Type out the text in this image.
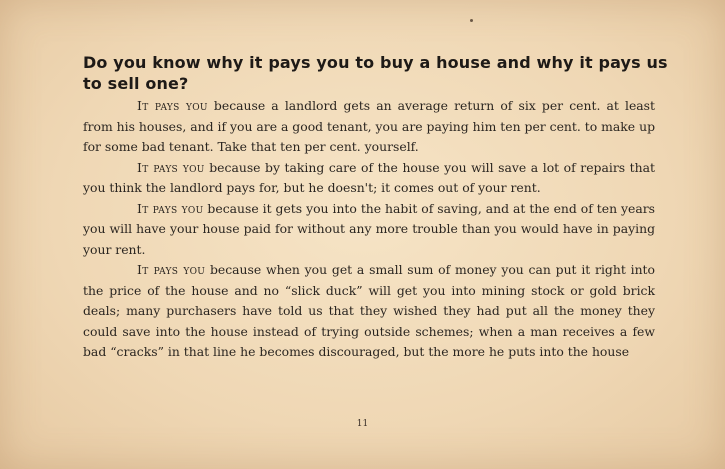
Do you know why it pays you to buy a house and why it pays us to sell one?

It pays you because a landlord gets an average return of six per cent. at least from his houses, and if you are a good tenant, you are paying him ten per cent. to make up for some bad tenant. Take that ten per cent. yourself.

It pays you because by taking care of the house you will save a lot of repairs that you think the landlord pays for, but he doesn't; it comes out of your rent.

It pays you because it gets you into the habit of saving, and at the end of ten years you will have your house paid for without any more trouble than you would have in paying your rent.

It pays you because when you get a small sum of money you can put it right into the price of the house and no “slick duck” will get you into mining stock or gold brick deals; many purchasers have told us that they wished they had put all the money they could save into the house instead of trying outside schemes; when a man receives a few bad “cracks” in that line he becomes discouraged, but the more he puts into the house

11
